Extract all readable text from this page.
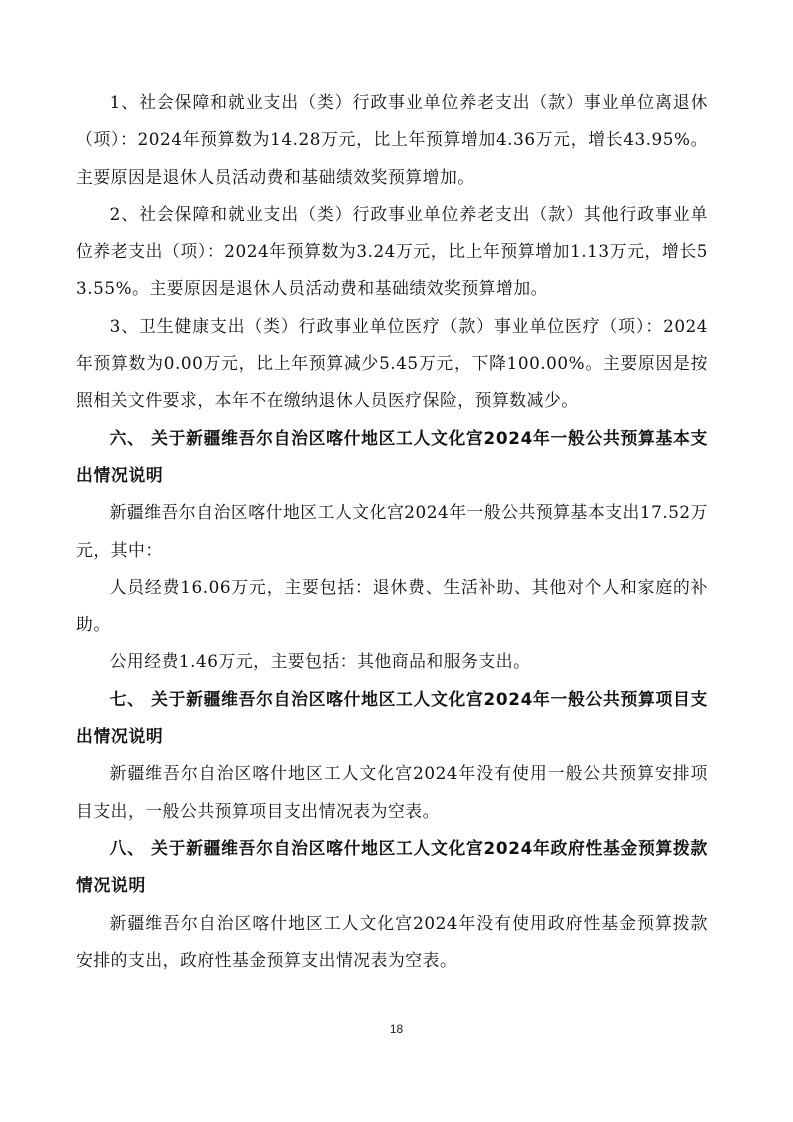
1、社会保障和就业支出（类）行政事业单位养老支出（款）事业单位离退休（项）：2024年预算数为14.28万元，比上年预算增加4.36万元，增长43.95%。主要原因是退休人员活动费和基础绩效奖预算增加。

2、社会保障和就业支出（类）行政事业单位养老支出（款）其他行政事业单位养老支出（项）：2024年预算数为3.24万元，比上年预算增加1.13万元，增长53.55%。主要原因是退休人员活动费和基础绩效奖预算增加。

3、卫生健康支出（类）行政事业单位医疗（款）事业单位医疗（项）：2024年预算数为0.00万元，比上年预算减少5.45万元，下降100.00%。主要原因是按照相关文件要求，本年不在缴纳退休人员医疗保险，预算数减少。

六、 关于新疆维吾尔自治区喀什地区工人文化宫2024年一般公共预算基本支出情况说明

新疆维吾尔自治区喀什地区工人文化宫2024年一般公共预算基本支出17.52万元，其中：

人员经费16.06万元，主要包括：退休费、生活补助、其他对个人和家庭的补助。

公用经费1.46万元，主要包括：其他商品和服务支出。

七、 关于新疆维吾尔自治区喀什地区工人文化宫2024年一般公共预算项目支出情况说明

新疆维吾尔自治区喀什地区工人文化宫2024年没有使用一般公共预算安排项目支出，一般公共预算项目支出情况表为空表。

八、 关于新疆维吾尔自治区喀什地区工人文化宫2024年政府性基金预算拨款情况说明

新疆维吾尔自治区喀什地区工人文化宫2024年没有使用政府性基金预算拨款安排的支出，政府性基金预算支出情况表为空表。

18
